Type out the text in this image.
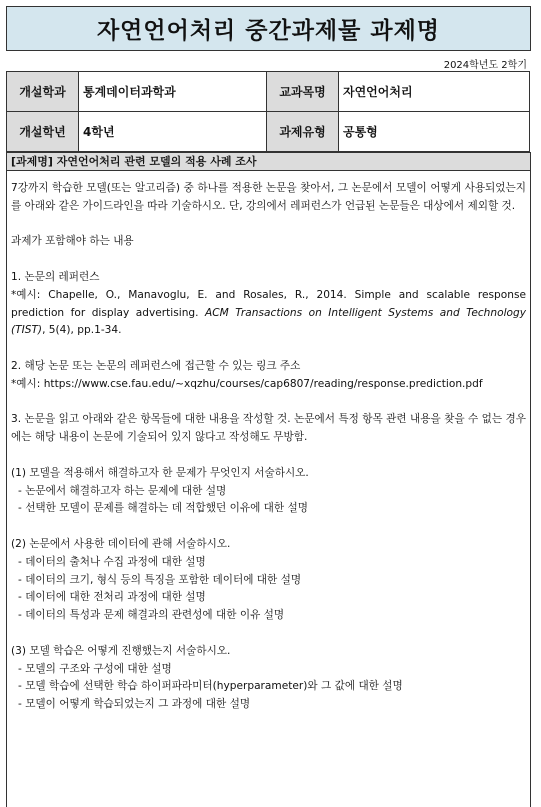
자연언어처리 중간과제물 과제명
2024학년도 2학기
개설학과	통계데이터과학과	교과목명	자연언어처리
개설학년	4학년	과제유형	공통형
[과제명] 자연언어처리 관련 모델의 적용 사례 조사

7강까지 학습한 모델(또는 알고리즘) 중 하나를 적용한 논문을 찾아서, 그 논문에서 모델이 어떻게 사용되었는지를 아래와 같은 가이드라인을 따라 기술하시오. 단, 강의에서 레퍼런스가 언급된 논문들은 대상에서 제외할 것.

과제가 포함해야 하는 내용

1. 논문의 레퍼런스

*예시: Chapelle, O., Manavoglu, E. and Rosales, R., 2014. Simple and scalable response prediction for display advertising. ACM Transactions on Intelligent Systems and Technology (TIST), 5(4), pp.1-34.

2. 해당 논문 또는 논문의 레퍼런스에 접근할 수 있는 링크 주소

*예시: https://www.cse.fau.edu/~xqzhu/courses/cap6807/reading/response.prediction.pdf

3. 논문을 읽고 아래와 같은 항목들에 대한 내용을 작성할 것. 논문에서 특정 항목 관련 내용을 찾을 수 없는 경우에는 해당 내용이 논문에 기술되어 있지 않다고 작성해도 무방함.

(1) 모델을 적용해서 해결하고자 한 문제가 무엇인지 서술하시오.

- 논문에서 해결하고자 하는 문제에 대한 설명

- 선택한 모델이 문제를 해결하는 데 적합했던 이유에 대한 설명

(2) 논문에서 사용한 데이터에 관해 서술하시오.

- 데이터의 출처나 수집 과정에 대한 설명

- 데이터의 크기, 형식 등의 특징을 포함한 데이터에 대한 설명

- 데이터에 대한 전처리 과정에 대한 설명

- 데이터의 특성과 문제 해결과의 관련성에 대한 이유 설명

(3) 모델 학습은 어떻게 진행했는지 서술하시오.

- 모델의 구조와 구성에 대한 설명

- 모델 학습에 선택한 학습 하이퍼파라미터(hyperparameter)와 그 값에 대한 설명

- 모델이 어떻게 학습되었는지 그 과정에 대한 설명
